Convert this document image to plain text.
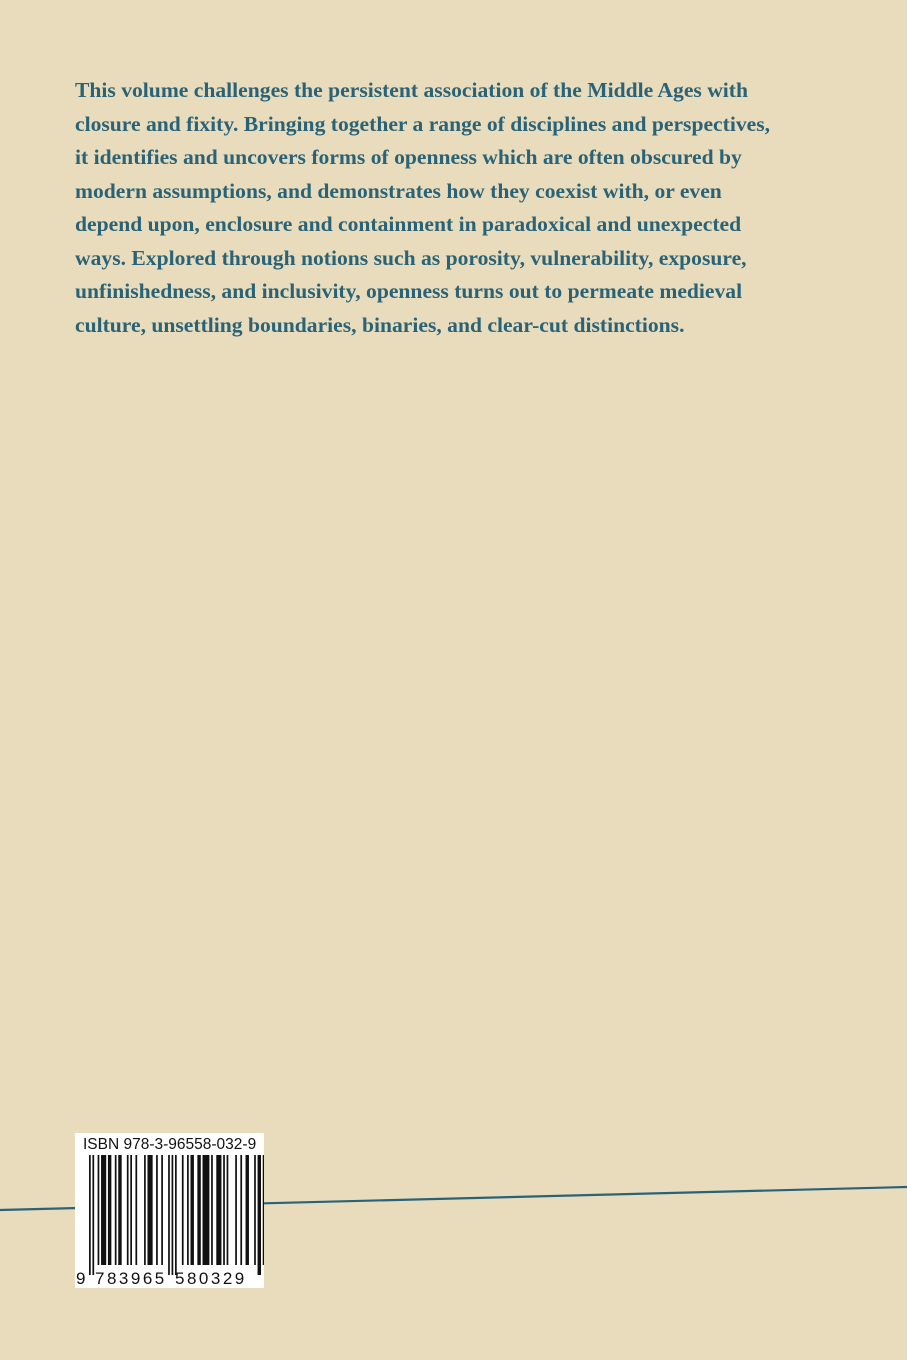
This volume challenges the persistent association of the Middle Ages with
closure and fixity. Bringing together a range of disciplines and perspectives,
it identifies and uncovers forms of openness which are often obscured by
modern assumptions, and demonstrates how they coexist with, or even
depend upon, enclosure and containment in paradoxical and unexpected
ways. Explored through notions such as porosity, vulnerability, exposure,
unfinishedness, and inclusivity, openness turns out to permeate medieval
culture, unsettling boundaries, binaries, and clear-cut distinctions.
ISBN 978-3-96558-032-9
9 783965 580329
